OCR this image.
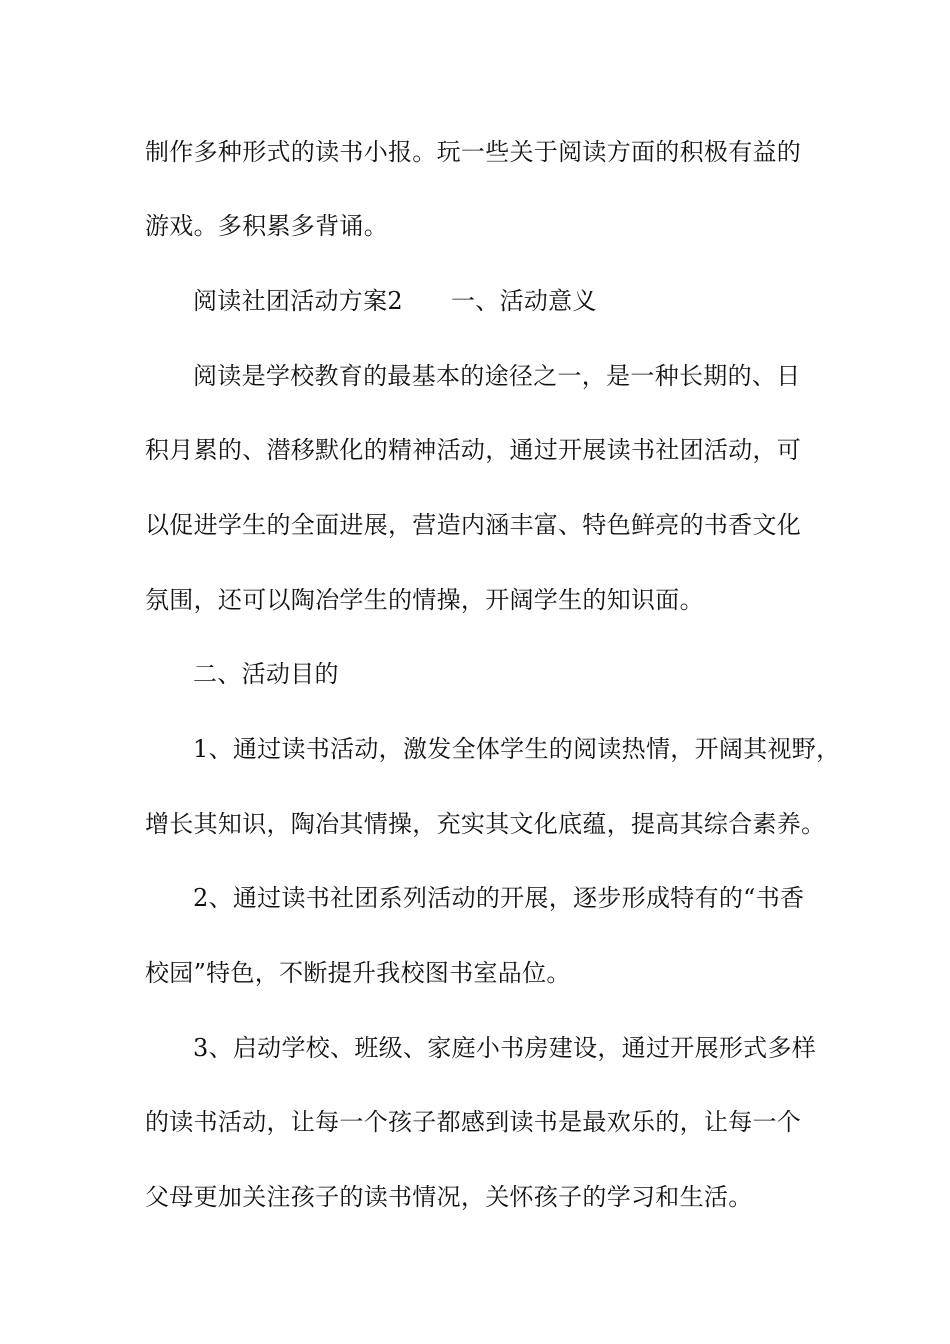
制作多种形式的读书小报。玩一些关于阅读方面的积极有益的
游戏。多积累多背诵。
阅读社团活动方案2 一、活动意义
阅读是学校教育的最基本的途径之一，是一种长期的、日
积月累的、潜移默化的精神活动，通过开展读书社团活动，可
以促进学生的全面进展，营造内涵丰富、特色鲜亮的书香文化
氛围，还可以陶冶学生的情操，开阔学生的知识面。
二、活动目的
1、通过读书活动，激发全体学生的阅读热情，开阔其视野，
增长其知识，陶冶其情操，充实其文化底蕴，提高其综合素养。
2、通过读书社团系列活动的开展，逐步形成特有的“书香
校园”特色，不断提升我校图书室品位。
3、启动学校、班级、家庭小书房建设，通过开展形式多样
的读书活动，让每一个孩子都感到读书是最欢乐的，让每一个
父母更加关注孩子的读书情况，关怀孩子的学习和生活。
